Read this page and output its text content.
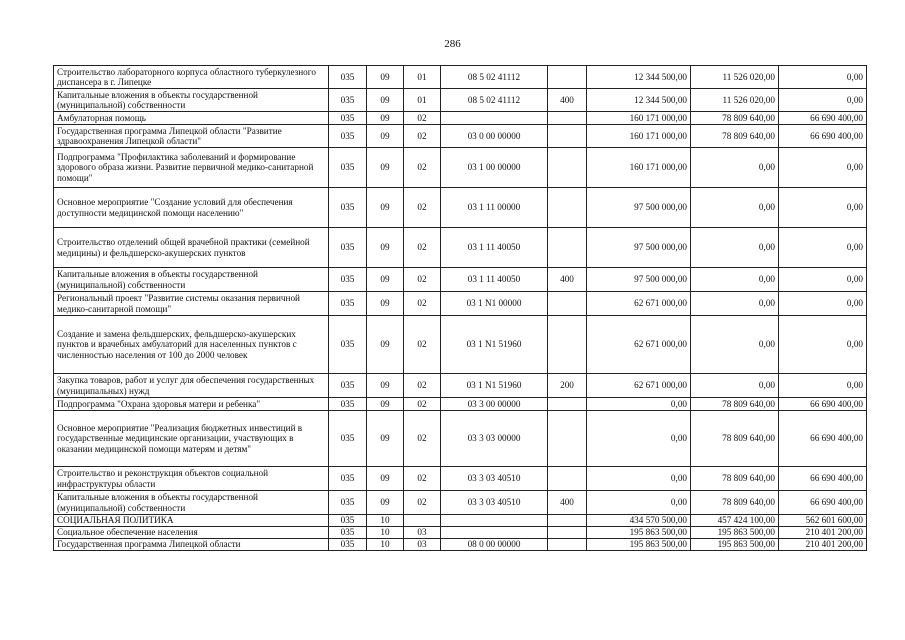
286
Строительство лабораторного корпуса областного туберкулезного диспансера в г. Липецке	035	09	01	08 5 02 41112		12 344 500,00	11 526 020,00	0,00
Капитальные вложения в объекты государственной (муниципальной) собственности	035	09	01	08 5 02 41112	400	12 344 500,00	11 526 020,00	0,00
Амбулаторная помощь	035	09	02			160 171 000,00	78 809 640,00	66 690 400,00
Государственная программа Липецкой области "Развитие здравоохранения Липецкой области"	035	09	02	03 0 00 00000		160 171 000,00	78 809 640,00	66 690 400,00
Подпрограмма "Профилактика заболеваний и формирование здорового образа жизни. Развитие первичной медико-санитарной помощи"	035	09	02	03 1 00 00000		160 171 000,00	0,00	0,00
Основное мероприятие "Создание условий для обеспечения доступности медицинской помощи населению"	035	09	02	03 1 11 00000		97 500 000,00	0,00	0,00
Строительство отделений общей врачебной практики (семейной медицины) и фельдшерско-акушерских пунктов	035	09	02	03 1 11 40050		97 500 000,00	0,00	0,00
Капитальные вложения в объекты государственной (муниципальной) собственности	035	09	02	03 1 11 40050	400	97 500 000,00	0,00	0,00
Региональный проект "Развитие системы оказания первичной медико-санитарной помощи"	035	09	02	03 1 N1 00000		62 671 000,00	0,00	0,00
Создание и замена фельдшерских, фельдшерско-акушерских пунктов и врачебных амбулаторий для населенных пунктов с численностью населения от 100 до 2000 человек	035	09	02	03 1 N1 51960		62 671 000,00	0,00	0,00
Закупка товаров, работ и услуг для обеспечения государственных (муниципальных) нужд	035	09	02	03 1 N1 51960	200	62 671 000,00	0,00	0,00
Подпрограмма "Охрана здоровья матери и ребенка"	035	09	02	03 3 00 00000		0,00	78 809 640,00	66 690 400,00
Основное мероприятие "Реализация бюджетных инвестиций в государственные медицинские организации, участвующих в оказании медицинской помощи матерям и детям"	035	09	02	03 3 03 00000		0,00	78 809 640,00	66 690 400,00
Строительство и реконструкция объектов социальной инфраструктуры области	035	09	02	03 3 03 40510		0,00	78 809 640,00	66 690 400,00
Капитальные вложения в объекты государственной (муниципальной) собственности	035	09	02	03 3 03 40510	400	0,00	78 809 640,00	66 690 400,00
СОЦИАЛЬНАЯ ПОЛИТИКА	035	10				434 570 500,00	457 424 100,00	562 601 600,00
Социальное обеспечение населения	035	10	03			195 863 500,00	195 863 500,00	210 401 200,00
Государственная программа Липецкой области	035	10	03	08 0 00 00000		195 863 500,00	195 863 500,00	210 401 200,00
